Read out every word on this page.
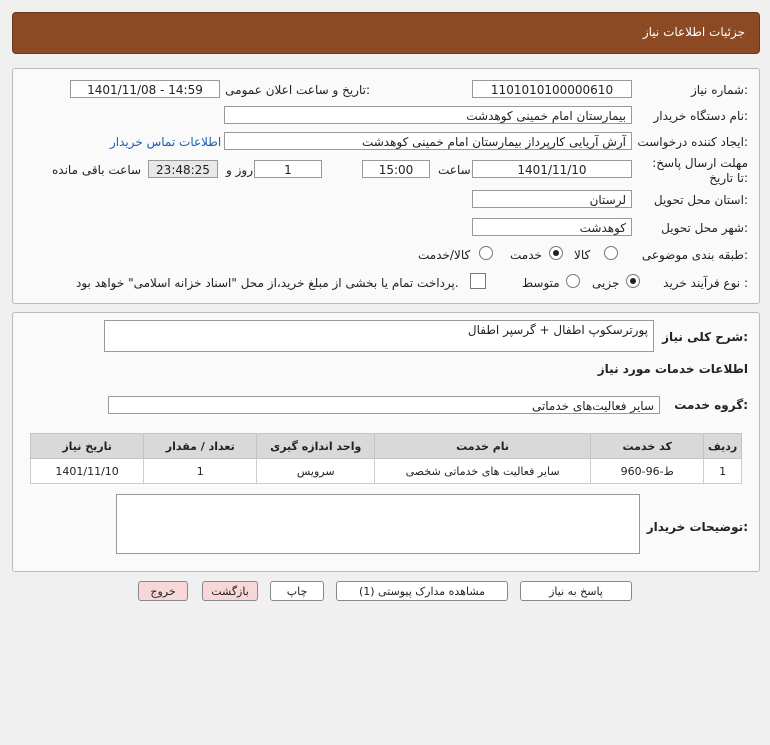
جزئیات اطلاعات نیاز
شماره نیاز:
1101010100000610
تاریخ و ساعت اعلان عمومی:
1401/11/08 - 14:59
نام دستگاه خریدار:
بیمارستان امام خمینی کوهدشت
ایجاد کننده درخواست:
آرش آریایی کارپرداز بیمارستان امام خمینی کوهدشت
اطلاعات تماس خریدار
مهلت ارسال پاسخ: تا تاریخ:
1401/11/10
ساعت
15:00
1
روز و
23:48:25
ساعت باقی مانده
استان محل تحویل:
لرستان
شهر محل تحویل:
کوهدشت
طبقه بندی موضوعی:
کالا
خدمت
کالا/خدمت
نوع فرآیند خرید :
جزیی
متوسط
پرداخت تمام یا بخشی از مبلغ خرید،از محل "اسناد خزانه اسلامی" خواهد بود.
شرح کلی نیاز:
پورترسکوپ اطفال + گرسپر اطفال
اطلاعات خدمات مورد نیاز
گروه خدمت:
سایر فعالیت‌های خدماتی
ردیف	کد خدمت	نام خدمت	واحد اندازه گیری	تعداد / مقدار	تاریخ نیاز
1	ط-96-960	سایر فعالیت های خدماتی شخصی	سرویس	1	1401/11/10
توضیحات خریدار:
پاسخ به نیاز
مشاهده مدارک پیوستی (1)
چاپ
بازگشت
خروج
